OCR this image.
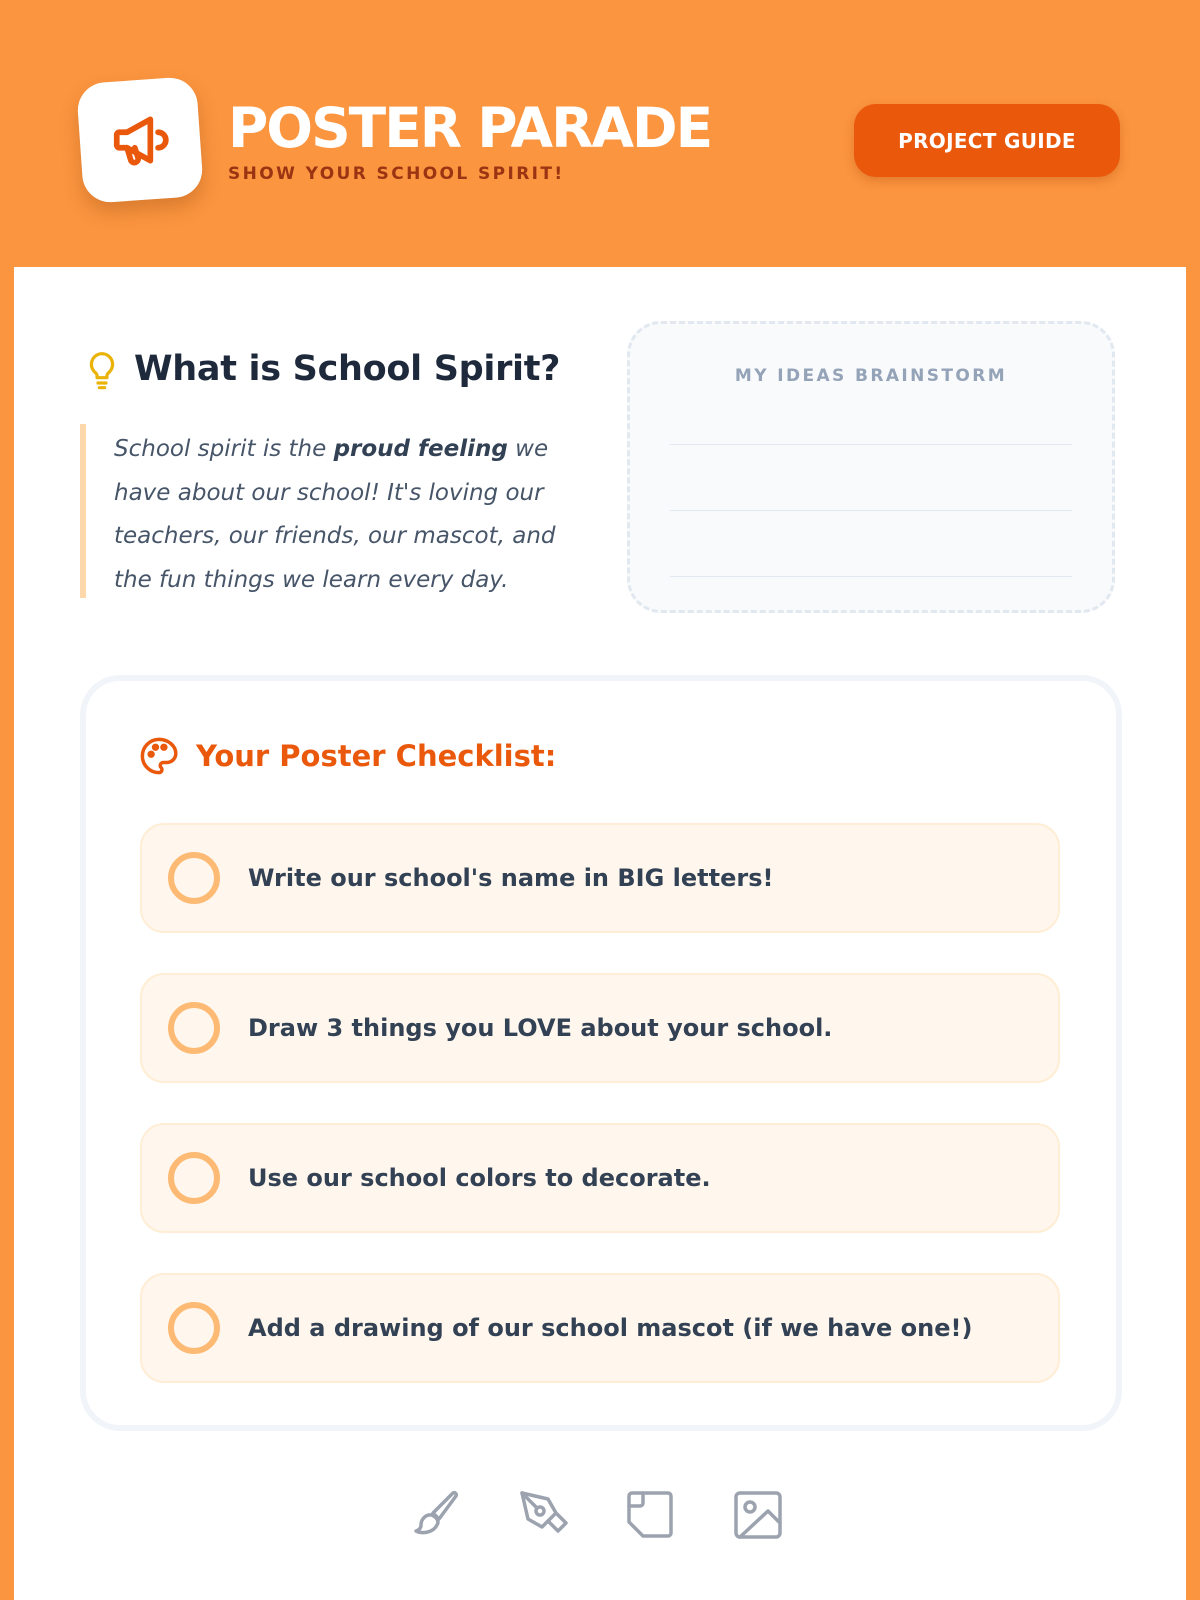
POSTER PARADE
SHOW YOUR SCHOOL SPIRIT!
PROJECT GUIDE
What is School Spirit?

School spirit is the proud feeling we have about our school! It's loving our teachers, our friends, our mascot, and the fun things we learn every day.

MY IDEAS BRAINSTORM
Your Poster Checklist:
Write our school's name in BIG letters!
Draw 3 things you LOVE about your school.
Use our school colors to decorate.
Add a drawing of our school mascot (if we have one!)
